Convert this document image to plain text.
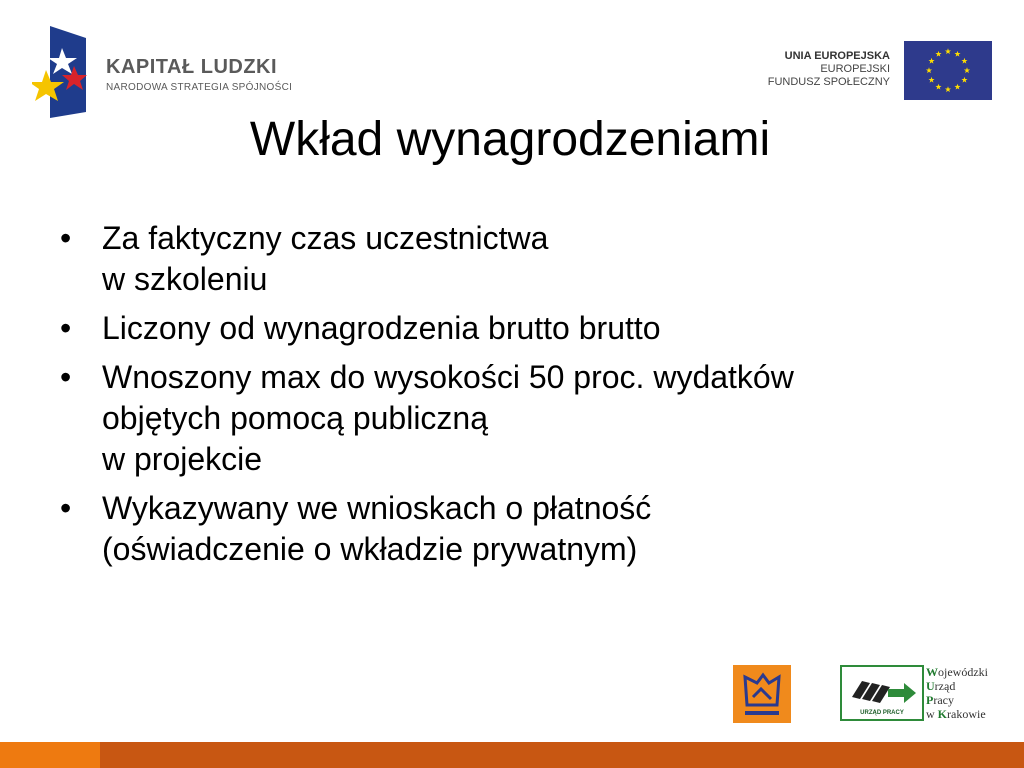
KAPITAŁ LUDZKI
NARODOWA STRATEGIA SPÓJNOŚCI
UNIA EUROPEJSKA
EUROPEJSKI
FUNDUSZ SPOŁECZNY
Wkład wynagrodzeniami
• Za faktyczny czas uczestnictwa
w szkoleniu
• Liczony od wynagrodzenia brutto brutto
• Wnoszony max do wysokości 50 proc. wydatków
objętych pomocą publiczną
w projekcie
• Wykazywany we wnioskach o płatność
(oświadczenie o wkładzie prywatnym)
URZĄD PRACY
Wojewódzki
Urząd
Pracy
w Krakowie
